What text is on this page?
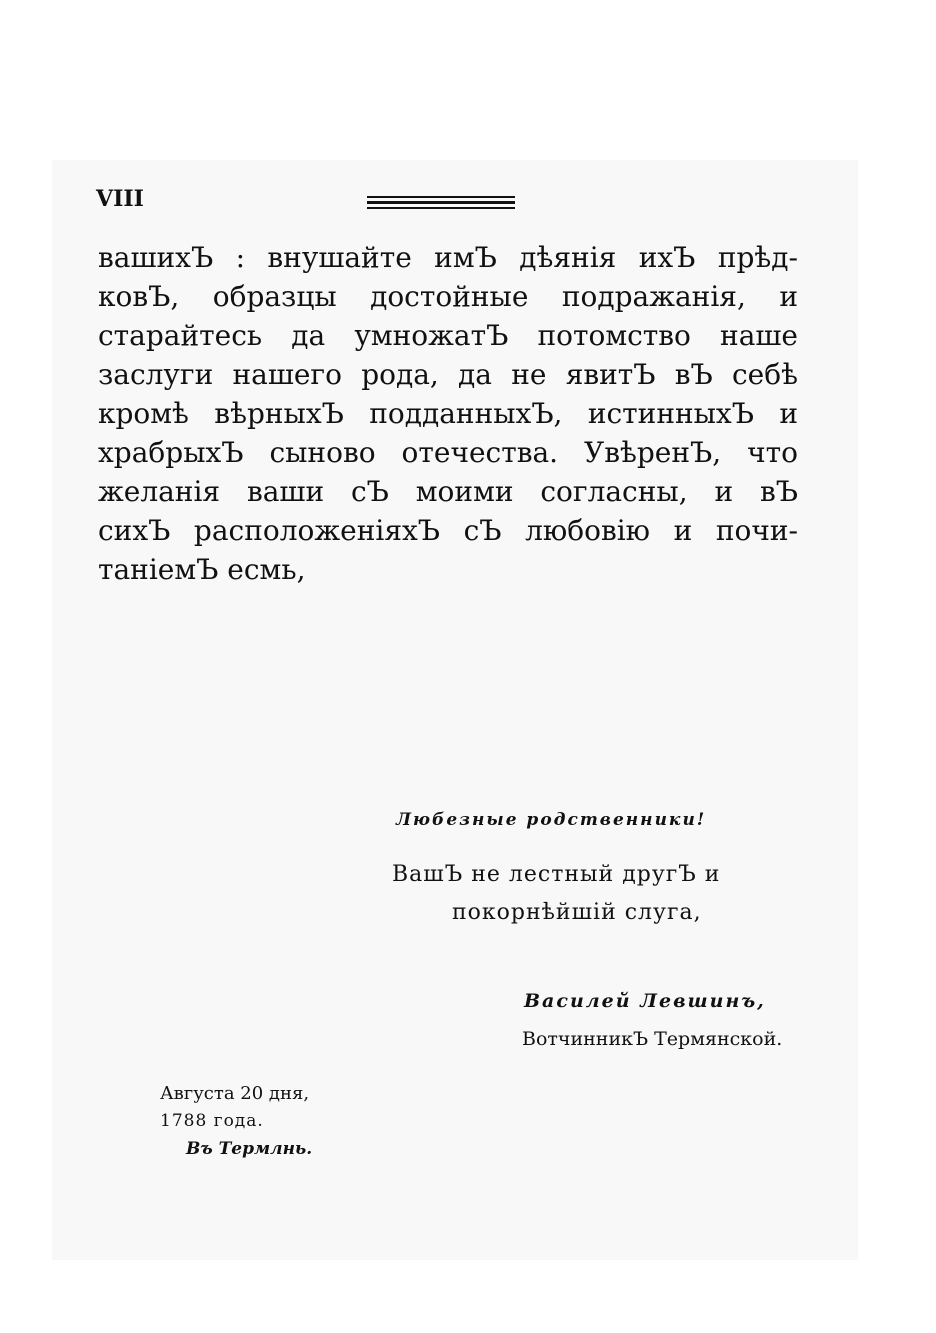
VIII
вашихЪ : внушайте имЪ дѣянія ихЪ прѣд-
ковЪ, образцы достойные подражанія, и
старайтесь да умножатЪ потомство наше
заслуги нашего рода, да не явитЪ вЪ себѣ
кромѣ вѣрныхЪ подданныхЪ, истинныхЪ и
храбрыхЪ сыново отечества. УвѣренЪ, что
желанія ваши сЪ моими согласны, и вЪ
сихЪ расположеніяхЪ сЪ любовію и почи-
таніемЪ есмь,
Любезные родственники!
ВашЪ не лестный другЪ и
покорнѣйшій слуга,
Василей Левшинъ,
ВотчинникЪ Термянской.
Августа 20 дня,
1788 года.
Въ Термлнь.
